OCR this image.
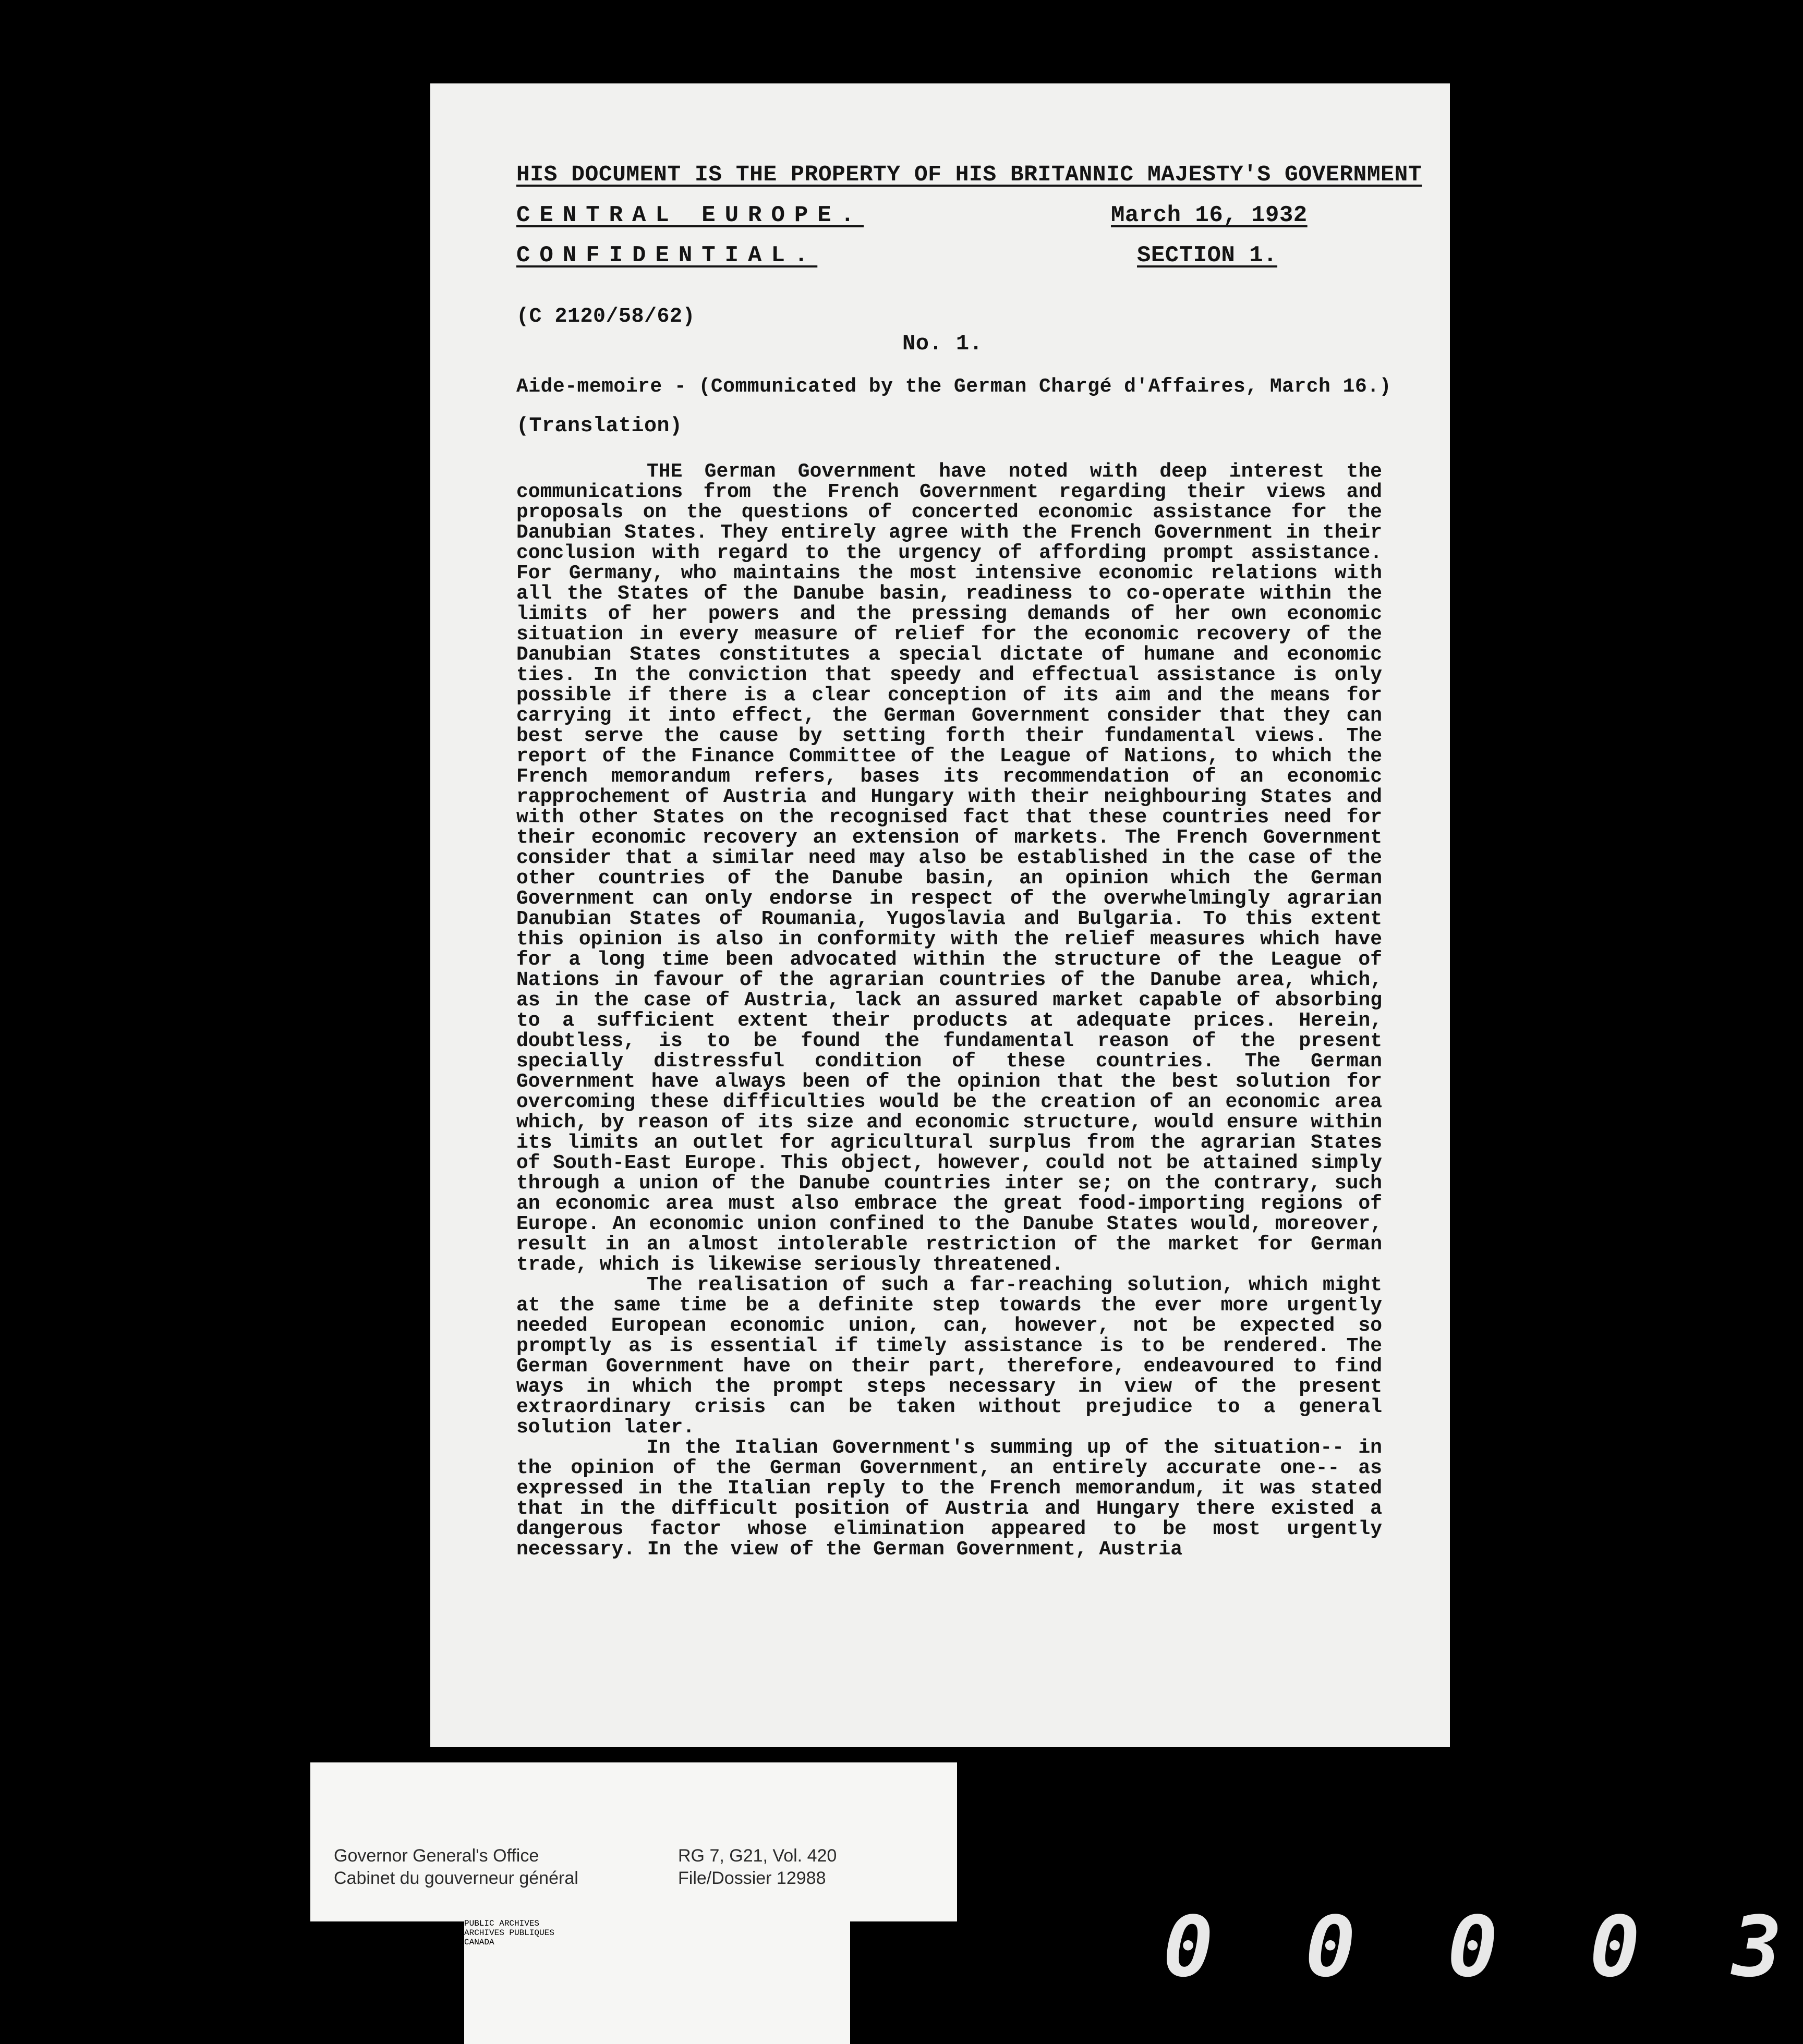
HIS DOCUMENT IS THE PROPERTY OF HIS BRITANNIC MAJESTY'S GOVERNMENT
CENTRAL EUROPE.	March 16, 1932
CONFIDENTIAL.	SECTION 1.
(C 2120/58/62)
No. 1.
Aide-memoire - (Communicated by the German Chargé d'Affaires, March 16.)
(Translation)

THE German Government have noted with deep interest the communications from the French Government regarding their views and proposals on the questions of concerted economic assistance for the Danubian States. They entirely agree with the French Government in their conclusion with regard to the urgency of affording prompt assistance. For Germany, who maintains the most intensive economic relations with all the States of the Danube basin, readiness to co-operate within the limits of her powers and the pressing demands of her own economic situation in every measure of relief for the economic recovery of the Danubian States constitutes a special dictate of humane and economic ties. In the conviction that speedy and effectual assistance is only possible if there is a clear conception of its aim and the means for carrying it into effect, the German Government consider that they can best serve the cause by setting forth their fundamental views. The report of the Finance Committee of the League of Nations, to which the French memorandum refers, bases its recommendation of an economic rapprochement of Austria and Hungary with their neighbouring States and with other States on the recognised fact that these countries need for their economic recovery an extension of markets. The French Government consider that a similar need may also be established in the case of the other countries of the Danube basin, an opinion which the German Government can only endorse in respect of the overwhelmingly agrarian Danubian States of Roumania, Yugoslavia and Bulgaria. To this extent this opinion is also in conformity with the relief measures which have for a long time been advocated within the structure of the League of Nations in favour of the agrarian countries of the Danube area, which, as in the case of Austria, lack an assured market capable of absorbing to a sufficient extent their products at adequate prices. Herein, doubtless, is to be found the fundamental reason of the present specially distressful condition of these countries. The German Government have always been of the opinion that the best solution for overcoming these difficulties would be the creation of an economic area which, by reason of its size and economic structure, would ensure within its limits an outlet for agricultural surplus from the agrarian States of South-East Europe. This object, however, could not be attained simply through a union of the Danube countries inter se; on the contrary, such an economic area must also embrace the great food-importing regions of Europe. An economic union confined to the Danube States would, moreover, result in an almost intolerable restriction of the market for German trade, which is likewise seriously threatened.

The realisation of such a far-reaching solution, which might at the same time be a definite step towards the ever more urgently needed European economic union, can, however, not be expected so promptly as is essential if timely assistance is to be rendered. The German Government have on their part, therefore, endeavoured to find ways in which the prompt steps necessary in view of the present extraordinary crisis can be taken without prejudice to a general solution later.

In the Italian Government's summing up of the situation-- in the opinion of the German Government, an entirely accurate one-- as expressed in the Italian reply to the French memorandum, it was stated that in the difficult position of Austria and Hungary there existed a dangerous factor whose elimination appeared to be most urgently necessary. In the view of the German Government, Austria

Governor General's Office
Cabinet du gouverneur général
RG 7, G21, Vol. 420
File/Dossier 12988
PUBLIC ARCHIVES
ARCHIVES PUBLIQUES
CANADA	0 0 0 0 3
